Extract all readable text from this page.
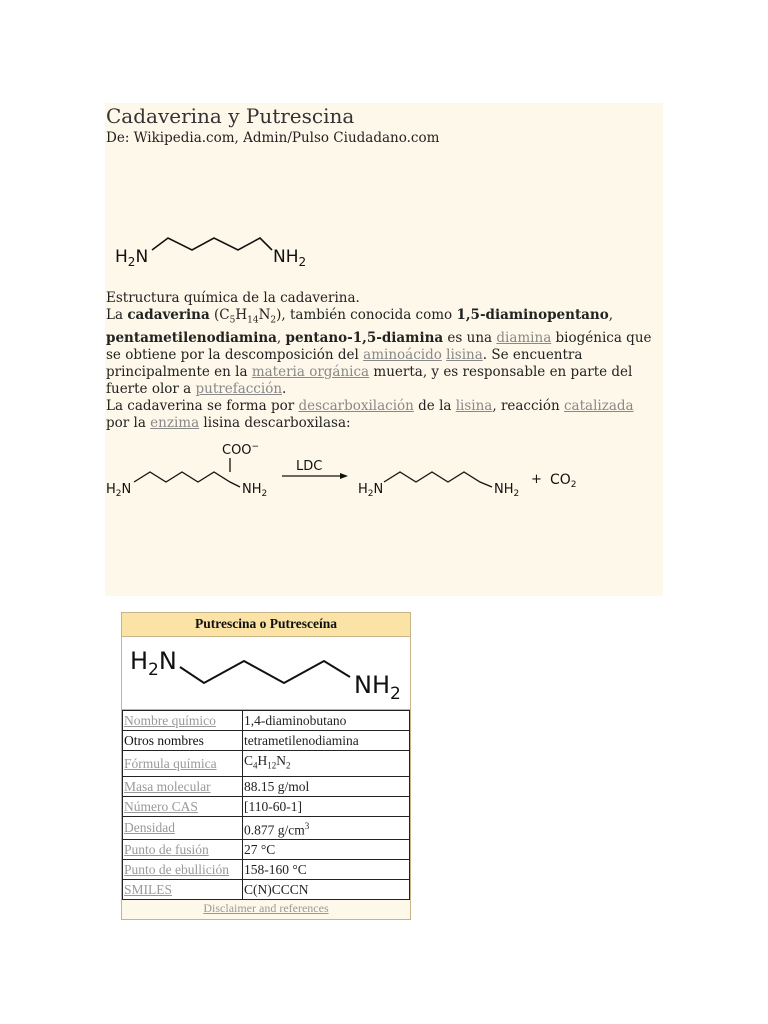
Cadaverina y Putrescina
De: Wikipedia.com, Admin/Pulso Ciudadano.com
$H_2N$	$NH_2$

Estructura química de la cadaverina.

La cadaverina $(C_5H_{14}N_2)$, también conocida como 1,5-diaminopentano, pentametilenodiamina, pentano-1,5-diamina es una diamina biogénica que se obtiene por la descomposición del aminoácido lisina. Se encuentra principalmente en la materia orgánica muerta, y es responsable en parte del fuerte olor a putrefacción.

La cadaverina se forma por descarboxilación de la lisina, reacción catalizada por la enzima lisina descarboxilasa:

COO−
$H_2N$	$NH_2$
LDC
$H_2N$	$NH_2$
+ $CO_2$
Putrescina o Putresceína
$H_2N$
$NH_2$
Nombre químico	1,4-diaminobutano
Otros nombres	tetrametilenodiamina
Fórmula química	$C_4H_{12}N_2$
Masa molecular	88.15 g/mol
Número CAS	[110-60-1]
Densidad	0.877 $g/cm^3$
Punto de fusión	27 °C
Punto de ebullición	158-160 °C
SMILES	C(N)CCCN
Disclaimer and references
